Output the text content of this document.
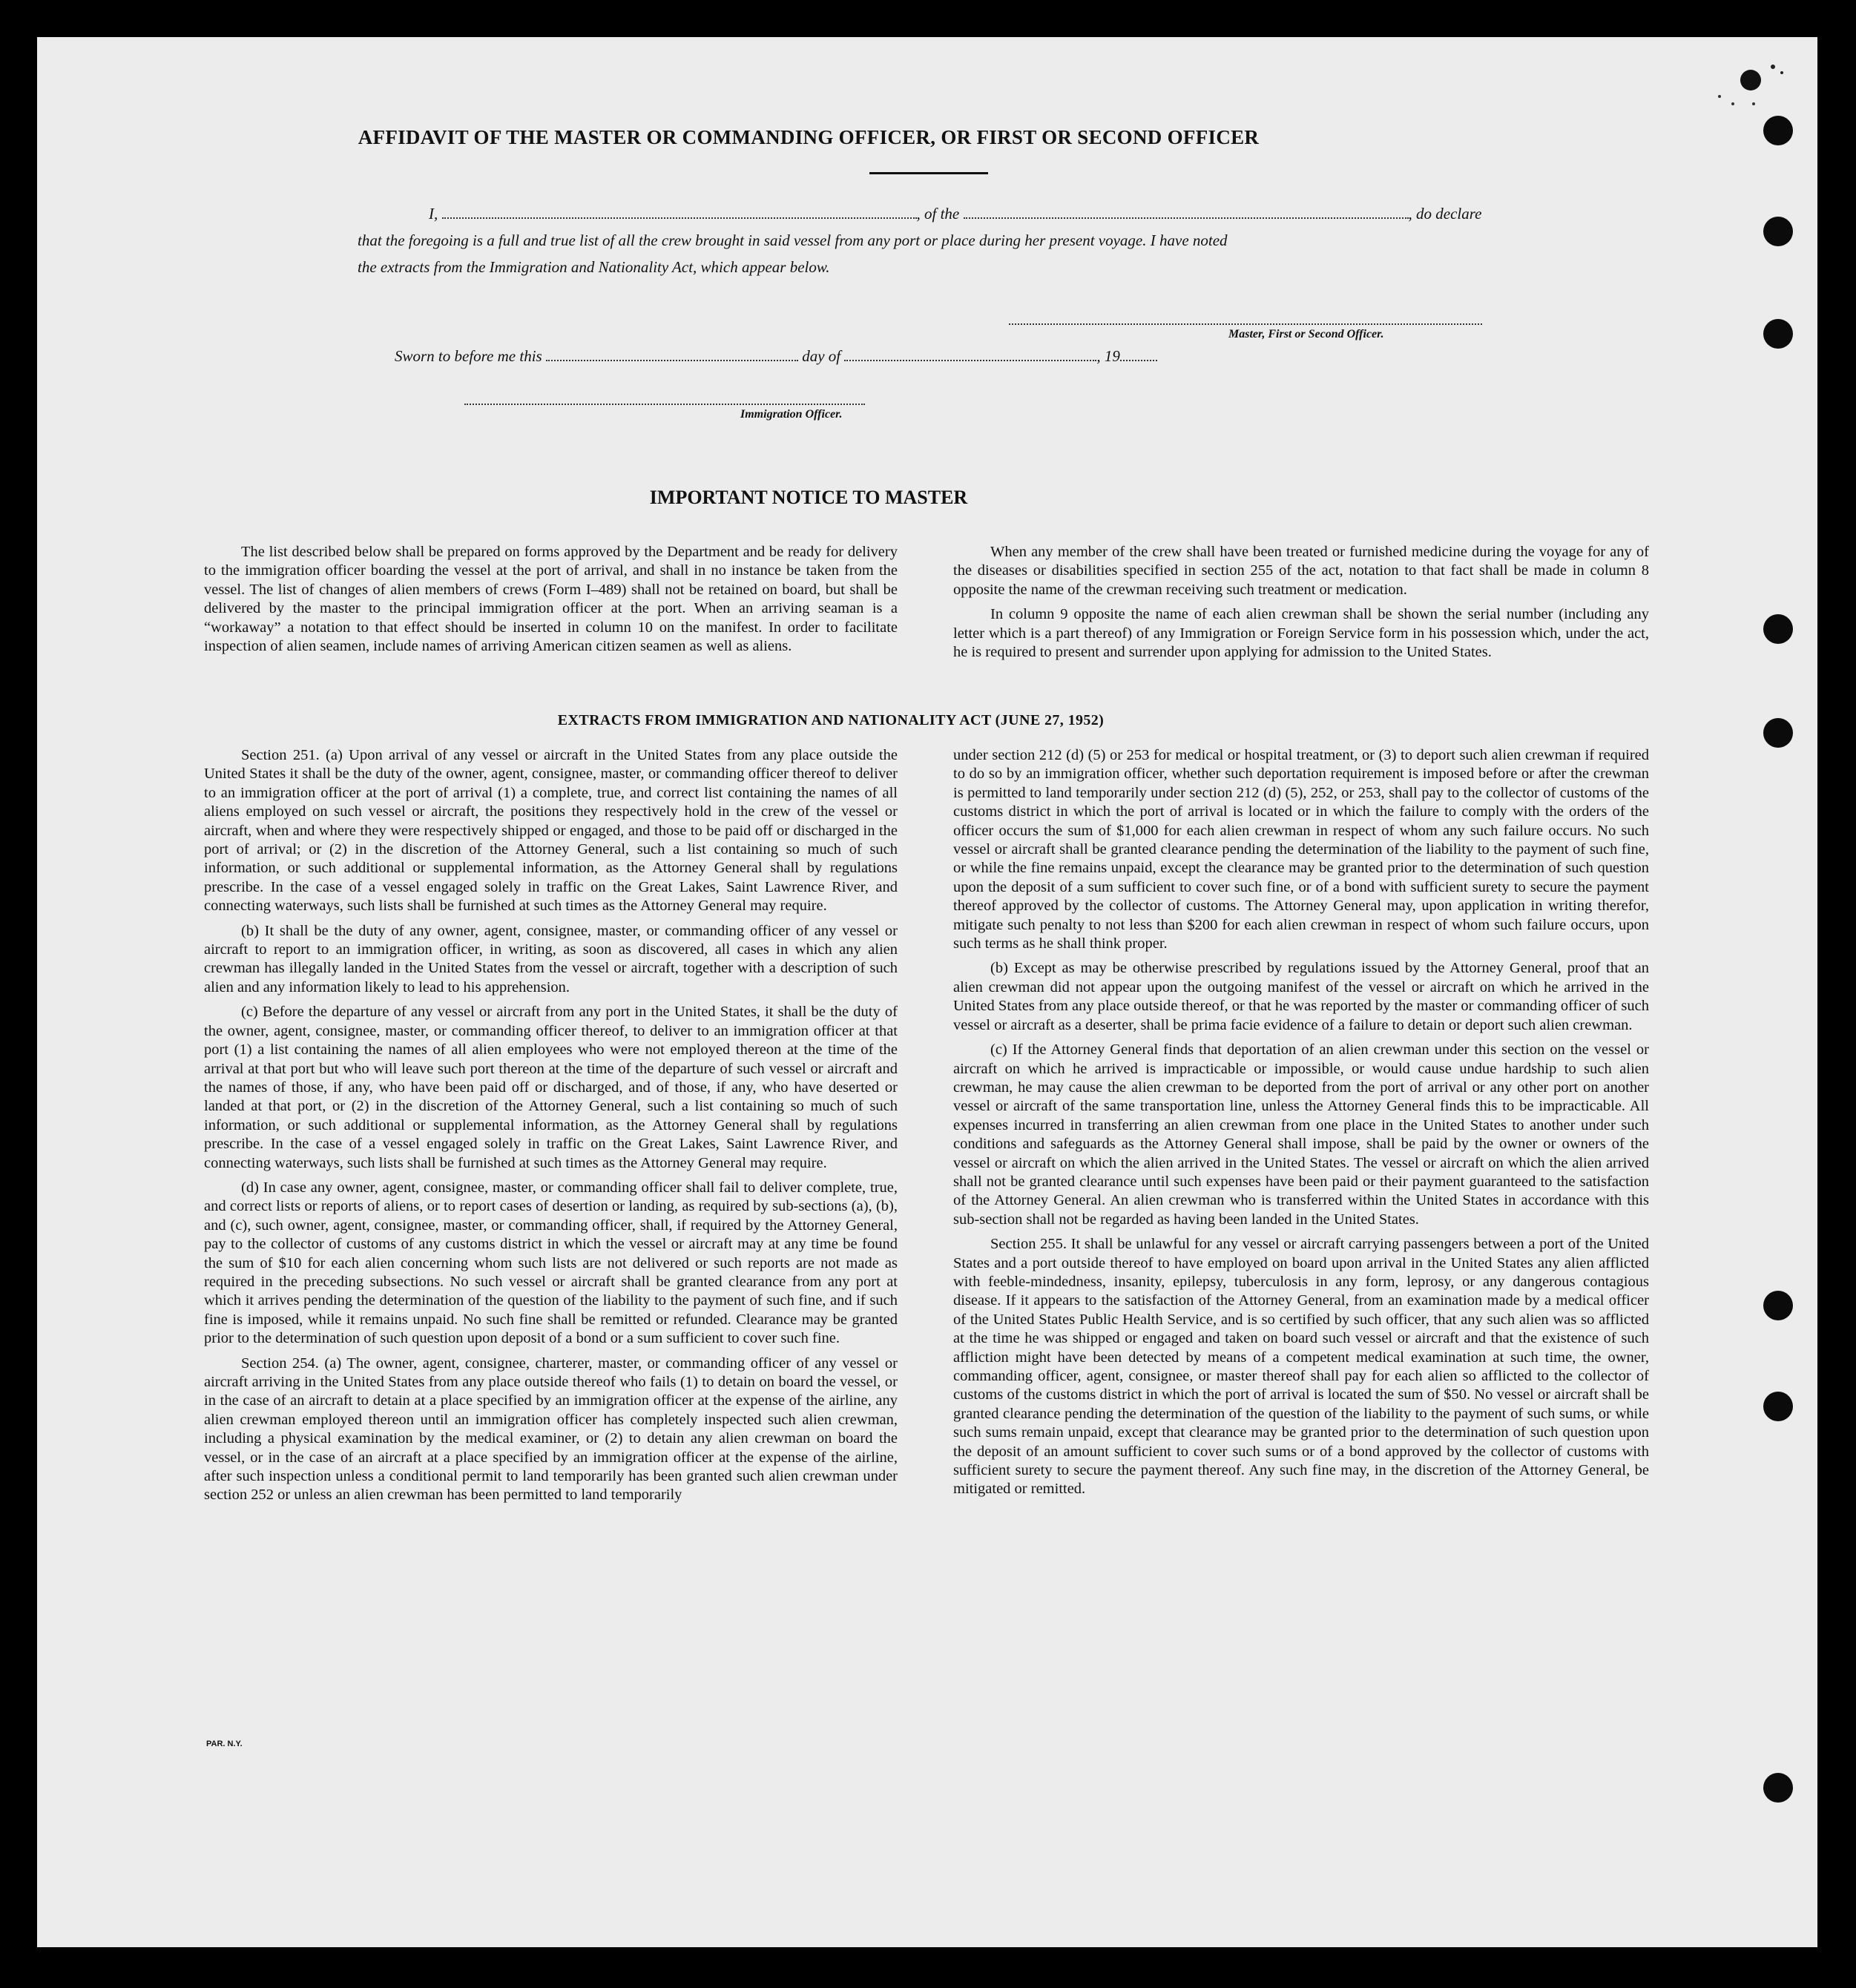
AFFIDAVIT OF THE MASTER OR COMMANDING OFFICER, OR FIRST OR SECOND OFFICER
I,	, of the	, do declare
that the foregoing is a full and true list of all the crew brought in said vessel from any port or place during her present voyage. I have noted
the extracts from the Immigration and Nationality Act, which appear below.
Master, First or Second Officer.
Sworn to before me this	day of	, 19
Immigration Officer.
IMPORTANT NOTICE TO MASTER

The list described below shall be prepared on forms approved by the Department and be ready for delivery to the immigration officer boarding the vessel at the port of arrival, and shall in no instance be taken from the vessel. The list of changes of alien members of crews (Form I–489) shall not be retained on board, but shall be delivered by the master to the principal immigration officer at the port. When an arriving seaman is a “workaway” a notation to that effect should be inserted in column 10 on the manifest. In order to facilitate inspection of alien seamen, include names of arriving American citizen seamen as well as aliens.

When any member of the crew shall have been treated or furnished medicine during the voyage for any of the diseases or disabilities specified in section 255 of the act, notation to that fact shall be made in column 8 opposite the name of the crewman receiving such treatment or medication.

In column 9 opposite the name of each alien crewman shall be shown the serial number (including any letter which is a part thereof) of any Immigration or Foreign Service form in his possession which, under the act, he is required to present and surrender upon applying for admission to the United States.

EXTRACTS FROM IMMIGRATION AND NATIONALITY ACT (JUNE 27, 1952)

Section 251. (a) Upon arrival of any vessel or aircraft in the United States from any place outside the United States it shall be the duty of the owner, agent, consignee, master, or commanding officer thereof to deliver to an immigration officer at the port of arrival (1) a complete, true, and correct list containing the names of all aliens employed on such vessel or aircraft, the positions they respectively hold in the crew of the vessel or aircraft, when and where they were respectively shipped or engaged, and those to be paid off or discharged in the port of arrival; or (2) in the discretion of the Attorney General, such a list containing so much of such information, or such additional or supplemental information, as the Attorney General shall by regulations prescribe. In the case of a vessel engaged solely in traffic on the Great Lakes, Saint Lawrence River, and connecting waterways, such lists shall be furnished at such times as the Attorney General may require.

(b) It shall be the duty of any owner, agent, consignee, master, or commanding officer of any vessel or aircraft to report to an immigration officer, in writing, as soon as discovered, all cases in which any alien crewman has illegally landed in the United States from the vessel or aircraft, together with a description of such alien and any information likely to lead to his apprehension.

(c) Before the departure of any vessel or aircraft from any port in the United States, it shall be the duty of the owner, agent, consignee, master, or commanding officer thereof, to deliver to an immigration officer at that port (1) a list containing the names of all alien employees who were not employed thereon at the time of the arrival at that port but who will leave such port thereon at the time of the departure of such vessel or aircraft and the names of those, if any, who have been paid off or discharged, and of those, if any, who have deserted or landed at that port, or (2) in the discretion of the Attorney General, such a list containing so much of such information, or such additional or supplemental information, as the Attorney General shall by regulations prescribe. In the case of a vessel engaged solely in traffic on the Great Lakes, Saint Lawrence River, and connecting waterways, such lists shall be furnished at such times as the Attorney General may require.

(d) In case any owner, agent, consignee, master, or commanding officer shall fail to deliver complete, true, and correct lists or reports of aliens, or to report cases of desertion or landing, as required by sub-sections (a), (b), and (c), such owner, agent, consignee, master, or commanding officer, shall, if required by the Attorney General, pay to the collector of customs of any customs district in which the vessel or aircraft may at any time be found the sum of $10 for each alien concerning whom such lists are not delivered or such reports are not made as required in the preceding subsections. No such vessel or aircraft shall be granted clearance from any port at which it arrives pending the determination of the question of the liability to the payment of such fine, and if such fine is imposed, while it remains unpaid. No such fine shall be remitted or refunded. Clearance may be granted prior to the determination of such question upon deposit of a bond or a sum sufficient to cover such fine.

Section 254. (a) The owner, agent, consignee, charterer, master, or commanding officer of any vessel or aircraft arriving in the United States from any place outside thereof who fails (1) to detain on board the vessel, or in the case of an aircraft to detain at a place specified by an immigration officer at the expense of the airline, any alien crewman employed thereon until an immigration officer has completely inspected such alien crewman, including a physical examination by the medical examiner, or (2) to detain any alien crewman on board the vessel, or in the case of an aircraft at a place specified by an immigration officer at the expense of the airline, after such inspection unless a conditional permit to land temporarily has been granted such alien crewman under section 252 or unless an alien crewman has been permitted to land temporarily

under section 212 (d) (5) or 253 for medical or hospital treatment, or (3) to deport such alien crewman if required to do so by an immigration officer, whether such deportation requirement is imposed before or after the crewman is permitted to land temporarily under section 212 (d) (5), 252, or 253, shall pay to the collector of customs of the customs district in which the port of arrival is located or in which the failure to comply with the orders of the officer occurs the sum of $1,000 for each alien crewman in respect of whom any such failure occurs. No such vessel or aircraft shall be granted clearance pending the determination of the liability to the payment of such fine, or while the fine remains unpaid, except the clearance may be granted prior to the determination of such question upon the deposit of a sum sufficient to cover such fine, or of a bond with sufficient surety to secure the payment thereof approved by the collector of customs. The Attorney General may, upon application in writing therefor, mitigate such penalty to not less than $200 for each alien crewman in respect of whom such failure occurs, upon such terms as he shall think proper.

(b) Except as may be otherwise prescribed by regulations issued by the Attorney General, proof that an alien crewman did not appear upon the outgoing manifest of the vessel or aircraft on which he arrived in the United States from any place outside thereof, or that he was reported by the master or commanding officer of such vessel or aircraft as a deserter, shall be prima facie evidence of a failure to detain or deport such alien crewman.

(c) If the Attorney General finds that deportation of an alien crewman under this section on the vessel or aircraft on which he arrived is impracticable or impossible, or would cause undue hardship to such alien crewman, he may cause the alien crewman to be deported from the port of arrival or any other port on another vessel or aircraft of the same transportation line, unless the Attorney General finds this to be impracticable. All expenses incurred in transferring an alien crewman from one place in the United States to another under such conditions and safeguards as the Attorney General shall impose, shall be paid by the owner or owners of the vessel or aircraft on which the alien arrived in the United States. The vessel or aircraft on which the alien arrived shall not be granted clearance until such expenses have been paid or their payment guaranteed to the satisfaction of the Attorney General. An alien crewman who is transferred within the United States in accordance with this sub-section shall not be regarded as having been landed in the United States.

Section 255. It shall be unlawful for any vessel or aircraft carrying passengers between a port of the United States and a port outside thereof to have employed on board upon arrival in the United States any alien afflicted with feeble-mindedness, insanity, epilepsy, tuberculosis in any form, leprosy, or any dangerous contagious disease. If it appears to the satisfaction of the Attorney General, from an examination made by a medical officer of the United States Public Health Service, and is so certified by such officer, that any such alien was so afflicted at the time he was shipped or engaged and taken on board such vessel or aircraft and that the existence of such affliction might have been detected by means of a competent medical examination at such time, the owner, commanding officer, agent, consignee, or master thereof shall pay for each alien so afflicted to the collector of customs of the customs district in which the port of arrival is located the sum of $50. No vessel or aircraft shall be granted clearance pending the determination of the question of the liability to the payment of such sums, or while such sums remain unpaid, except that clearance may be granted prior to the determination of such question upon the deposit of an amount sufficient to cover such sums or of a bond approved by the collector of customs with sufficient surety to secure the payment thereof. Any such fine may, in the discretion of the Attorney General, be mitigated or remitted.

PAR. N.Y.
